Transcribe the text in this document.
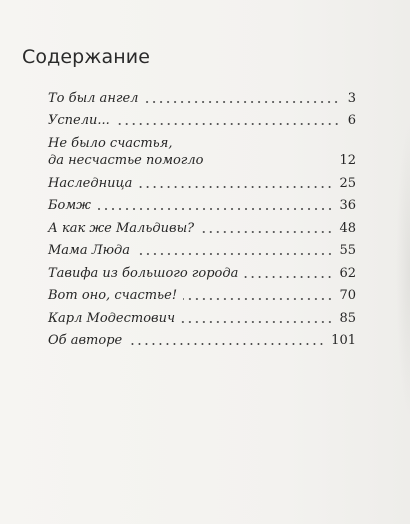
Содержание
То был ангел	3
Успели...	6
Не было счастья,
да несчастье помогло	12
Наследница	25
Бомж	36
А как же Мальдивы?	48
Мама Люда	55
Тавифа из большого города	62
Вот оно, счастье!	70
Карл Модестович	85
Об авторе	101
